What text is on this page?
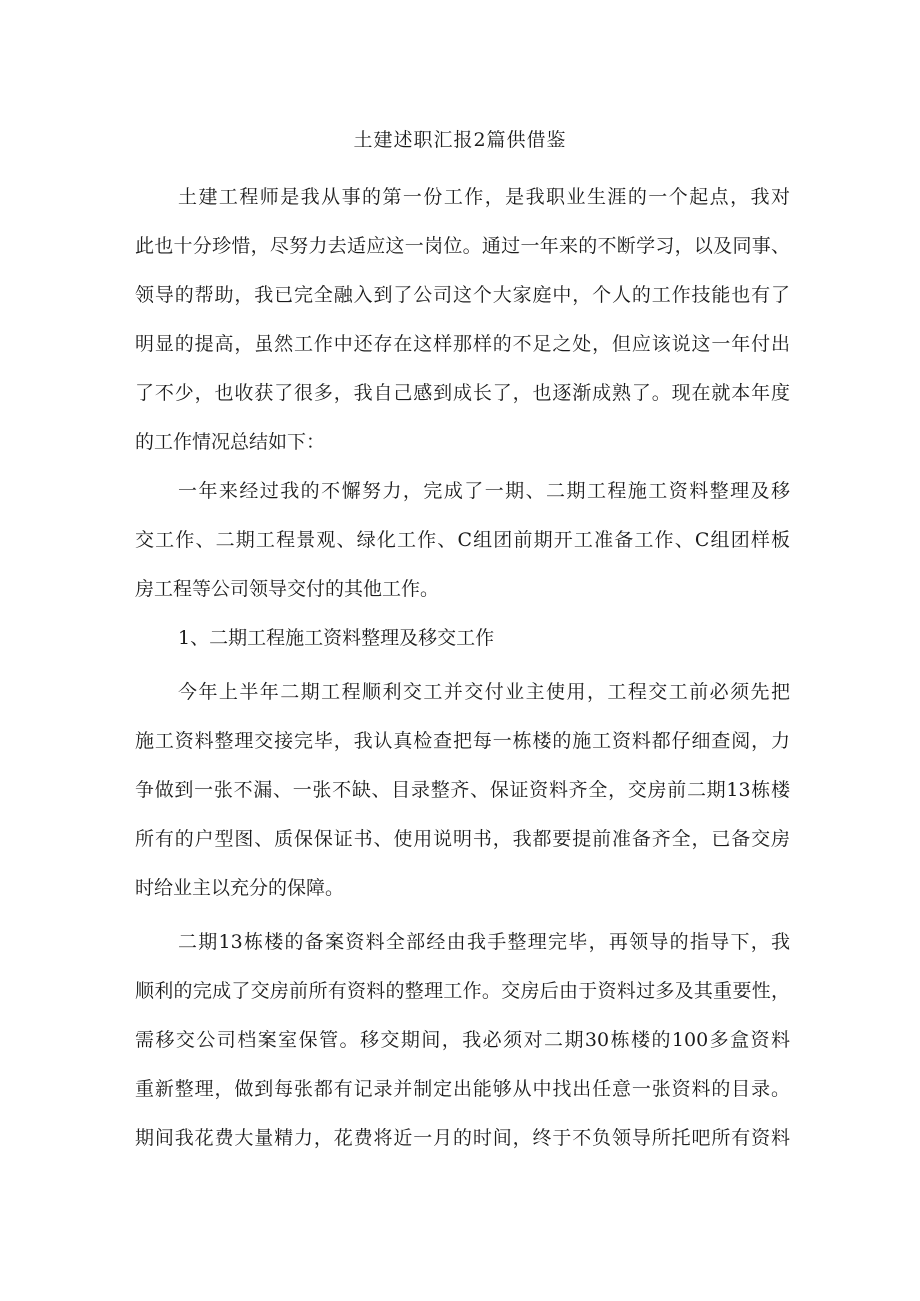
土建述职汇报2篇供借鉴

土建工程师是我从事的第一份工作，是我职业生涯的一个起点，我对

此也十分珍惜，尽努力去适应这一岗位。通过一年来的不断学习，以及同事、

领导的帮助，我已完全融入到了公司这个大家庭中，个人的工作技能也有了

明显的提高，虽然工作中还存在这样那样的不足之处，但应该说这一年付出

了不少，也收获了很多，我自己感到成长了，也逐渐成熟了。现在就本年度

的工作情况总结如下：

一年来经过我的不懈努力，完成了一期、二期工程施工资料整理及移

交工作、二期工程景观、绿化工作、C组团前期开工准备工作、C组团样板

房工程等公司领导交付的其他工作。

1、二期工程施工资料整理及移交工作

今年上半年二期工程顺利交工并交付业主使用，工程交工前必须先把

施工资料整理交接完毕，我认真检查把每一栋楼的施工资料都仔细查阅，力

争做到一张不漏、一张不缺、目录整齐、保证资料齐全，交房前二期13栋楼

所有的户型图、质保保证书、使用说明书，我都要提前准备齐全，已备交房

时给业主以充分的保障。

二期13栋楼的备案资料全部经由我手整理完毕，再领导的指导下，我

顺利的完成了交房前所有资料的整理工作。交房后由于资料过多及其重要性，

需移交公司档案室保管。移交期间，我必须对二期30栋楼的100多盒资料

重新整理，做到每张都有记录并制定出能够从中找出任意一张资料的目录。

期间我花费大量精力，花费将近一月的时间，终于不负领导所托吧所有资料
